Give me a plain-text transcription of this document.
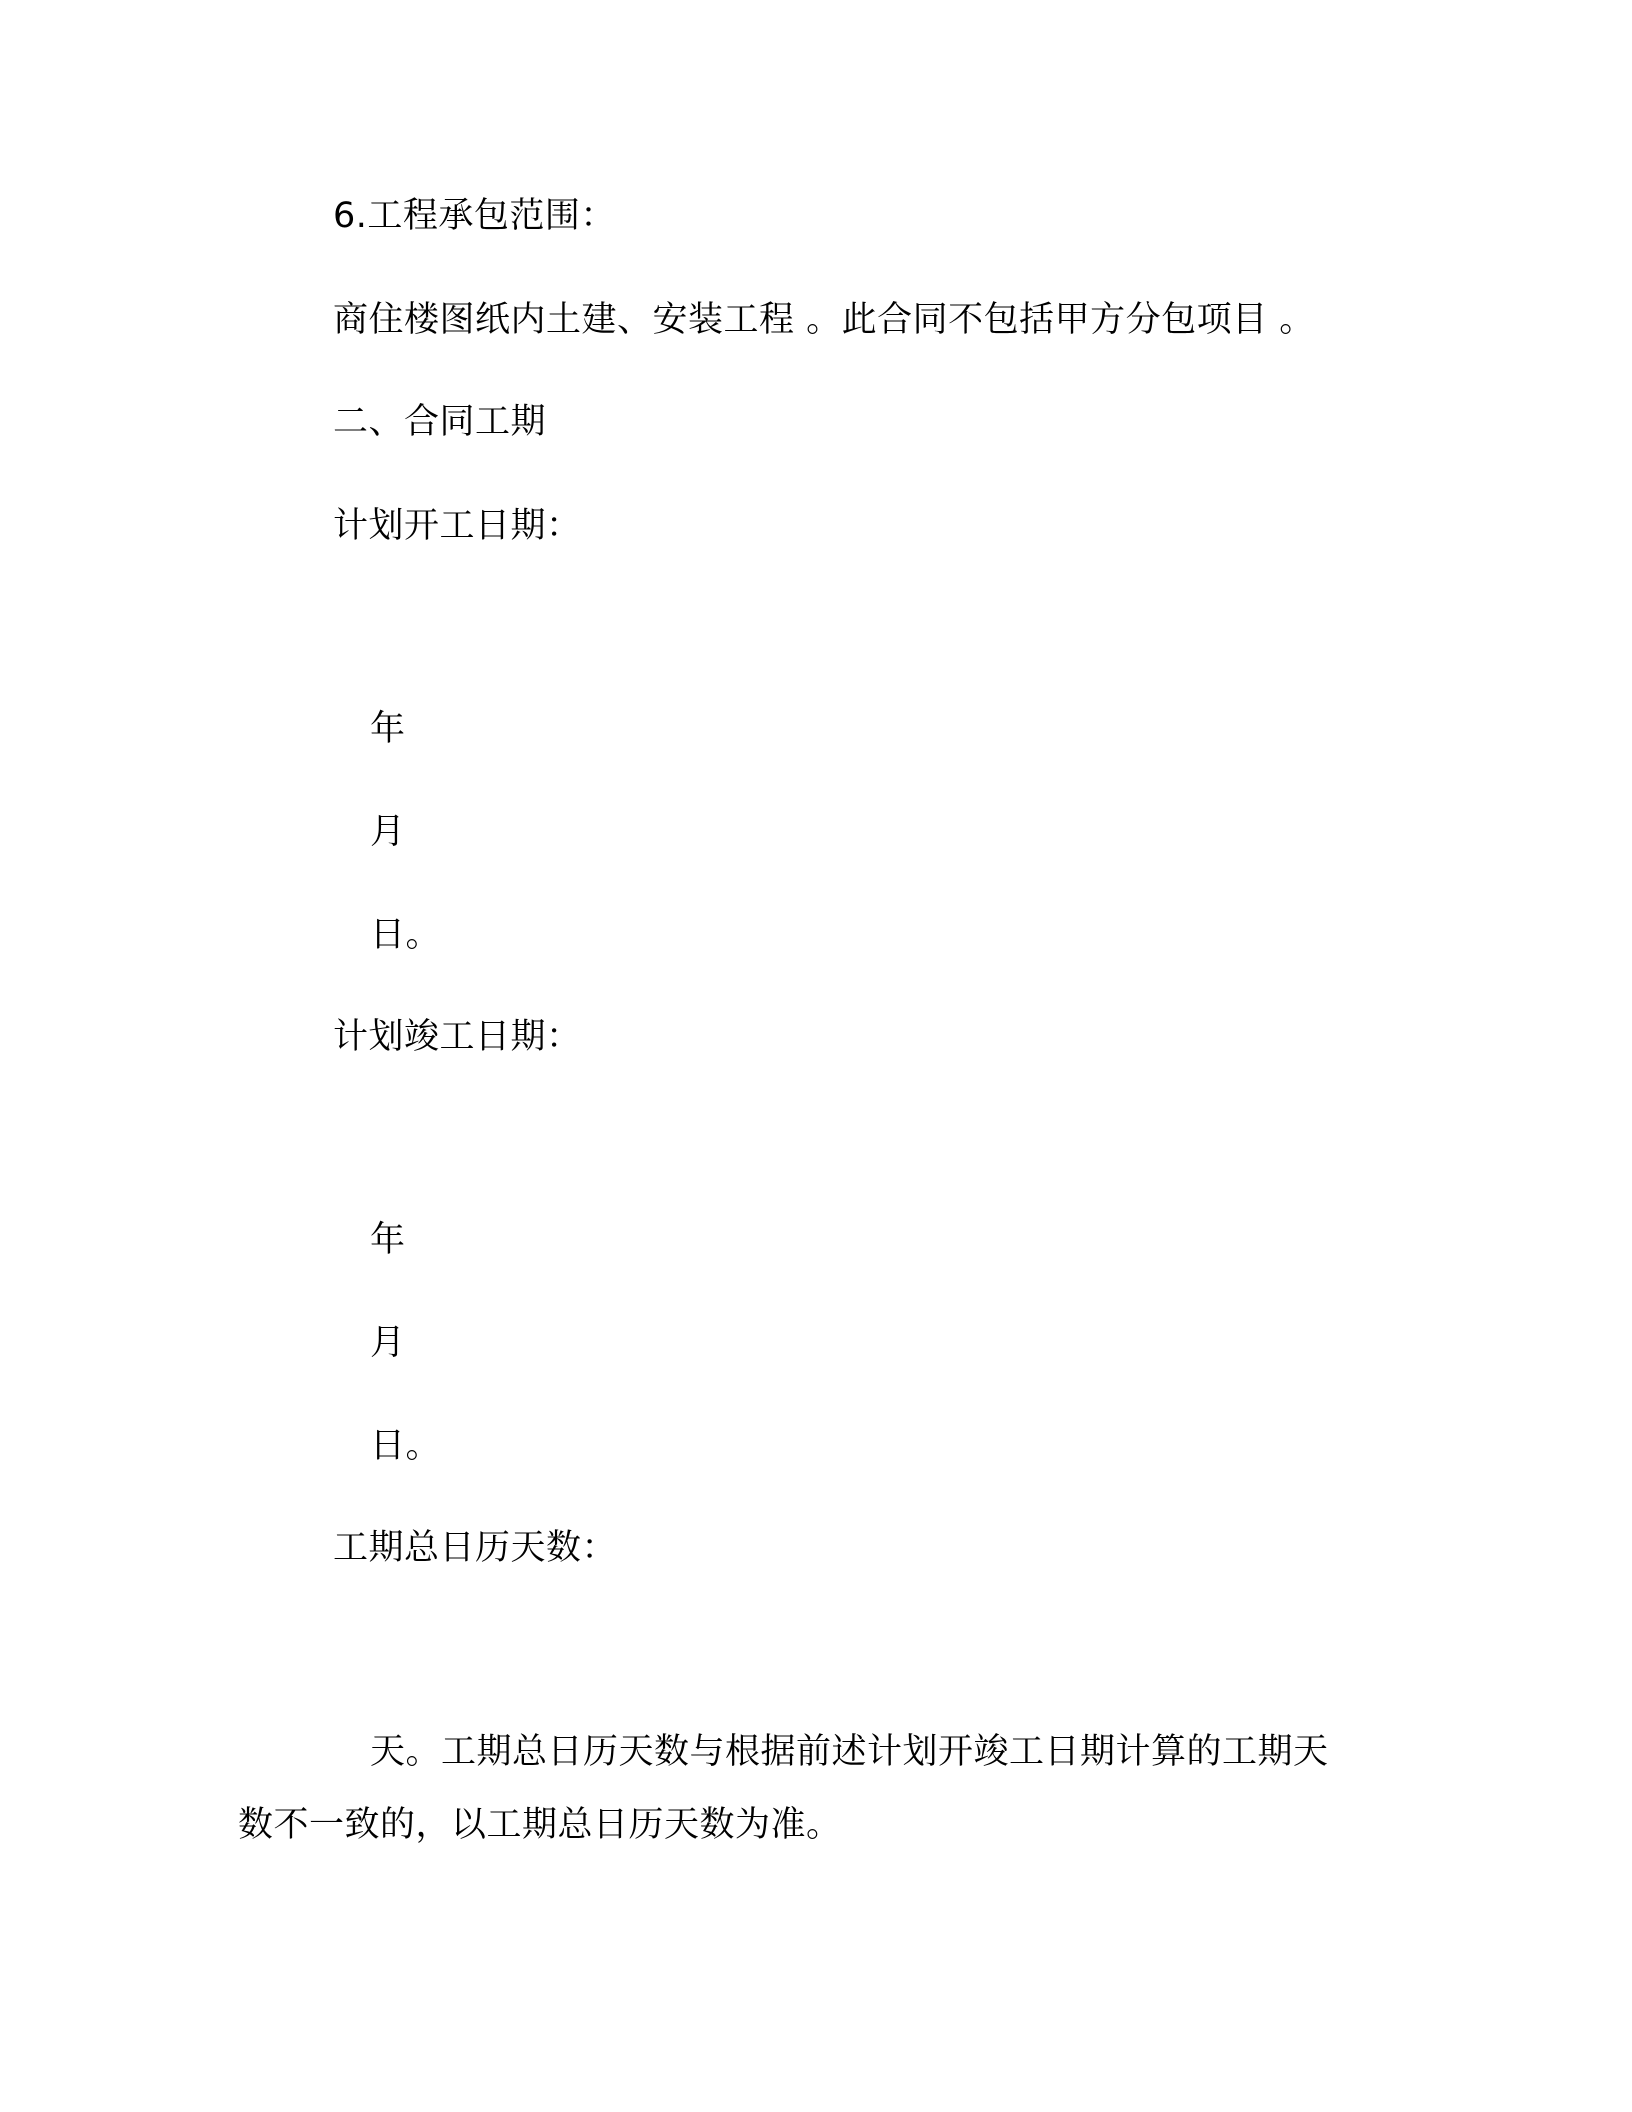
6.工程承包范围：
商住楼图纸内土建、安装工程 。此合同不包括甲方分包项目 。
二、合同工期
计划开工日期：
年
月
日。
计划竣工日期：
年
月
日。
工期总日历天数：
天。工期总日历天数与根据前述计划开竣工日期计算的工期天
数不一致的，以工期总日历天数为准。
